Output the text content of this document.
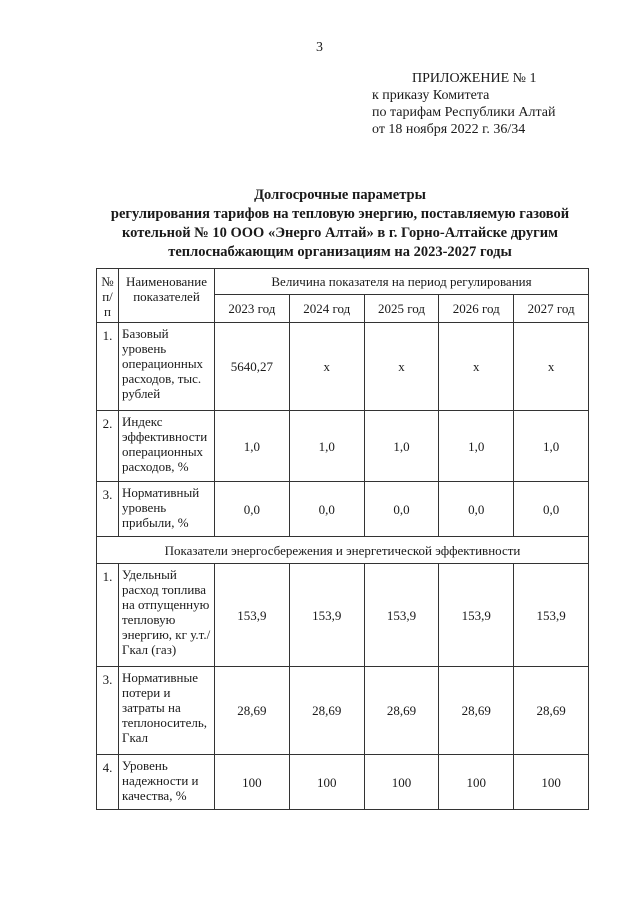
3
ПРИЛОЖЕНИЕ № 1
к приказу Комитета
по тарифам Республики Алтай
от 18 ноября 2022 г. 36/34
Долгосрочные параметры
регулирования тарифов на тепловую энергию, поставляемую газовой
котельной № 10 ООО «Энерго Алтай» в г. Горно-Алтайске другим
теплоснабжающим организациям на 2023-2027 годы
№ п/п	Наименование показателей	Величина показателя на период регулирования				
		2023 год	2024 год	2025 год	2026 год	2027 год
1.	Базовый уровень операционных расходов, тыс. рублей	5640,27	х	х	х	х
2.	Индекс эффективности операционных расходов, %	1,0	1,0	1,0	1,0	1,0
3.	Нормативный уровень прибыли, %	0,0	0,0	0,0	0,0	0,0
Показатели энергосбережения и энергетической эффективности						
1.	Удельный расход топлива на отпущенную тепловую энергию, кг у.т./Гкал (газ)	153,9	153,9	153,9	153,9	153,9
3.	Нормативные потери и затраты на теплоноситель, Гкал	28,69	28,69	28,69	28,69	28,69
4.	Уровень надежности и качества, %	100	100	100	100	100
